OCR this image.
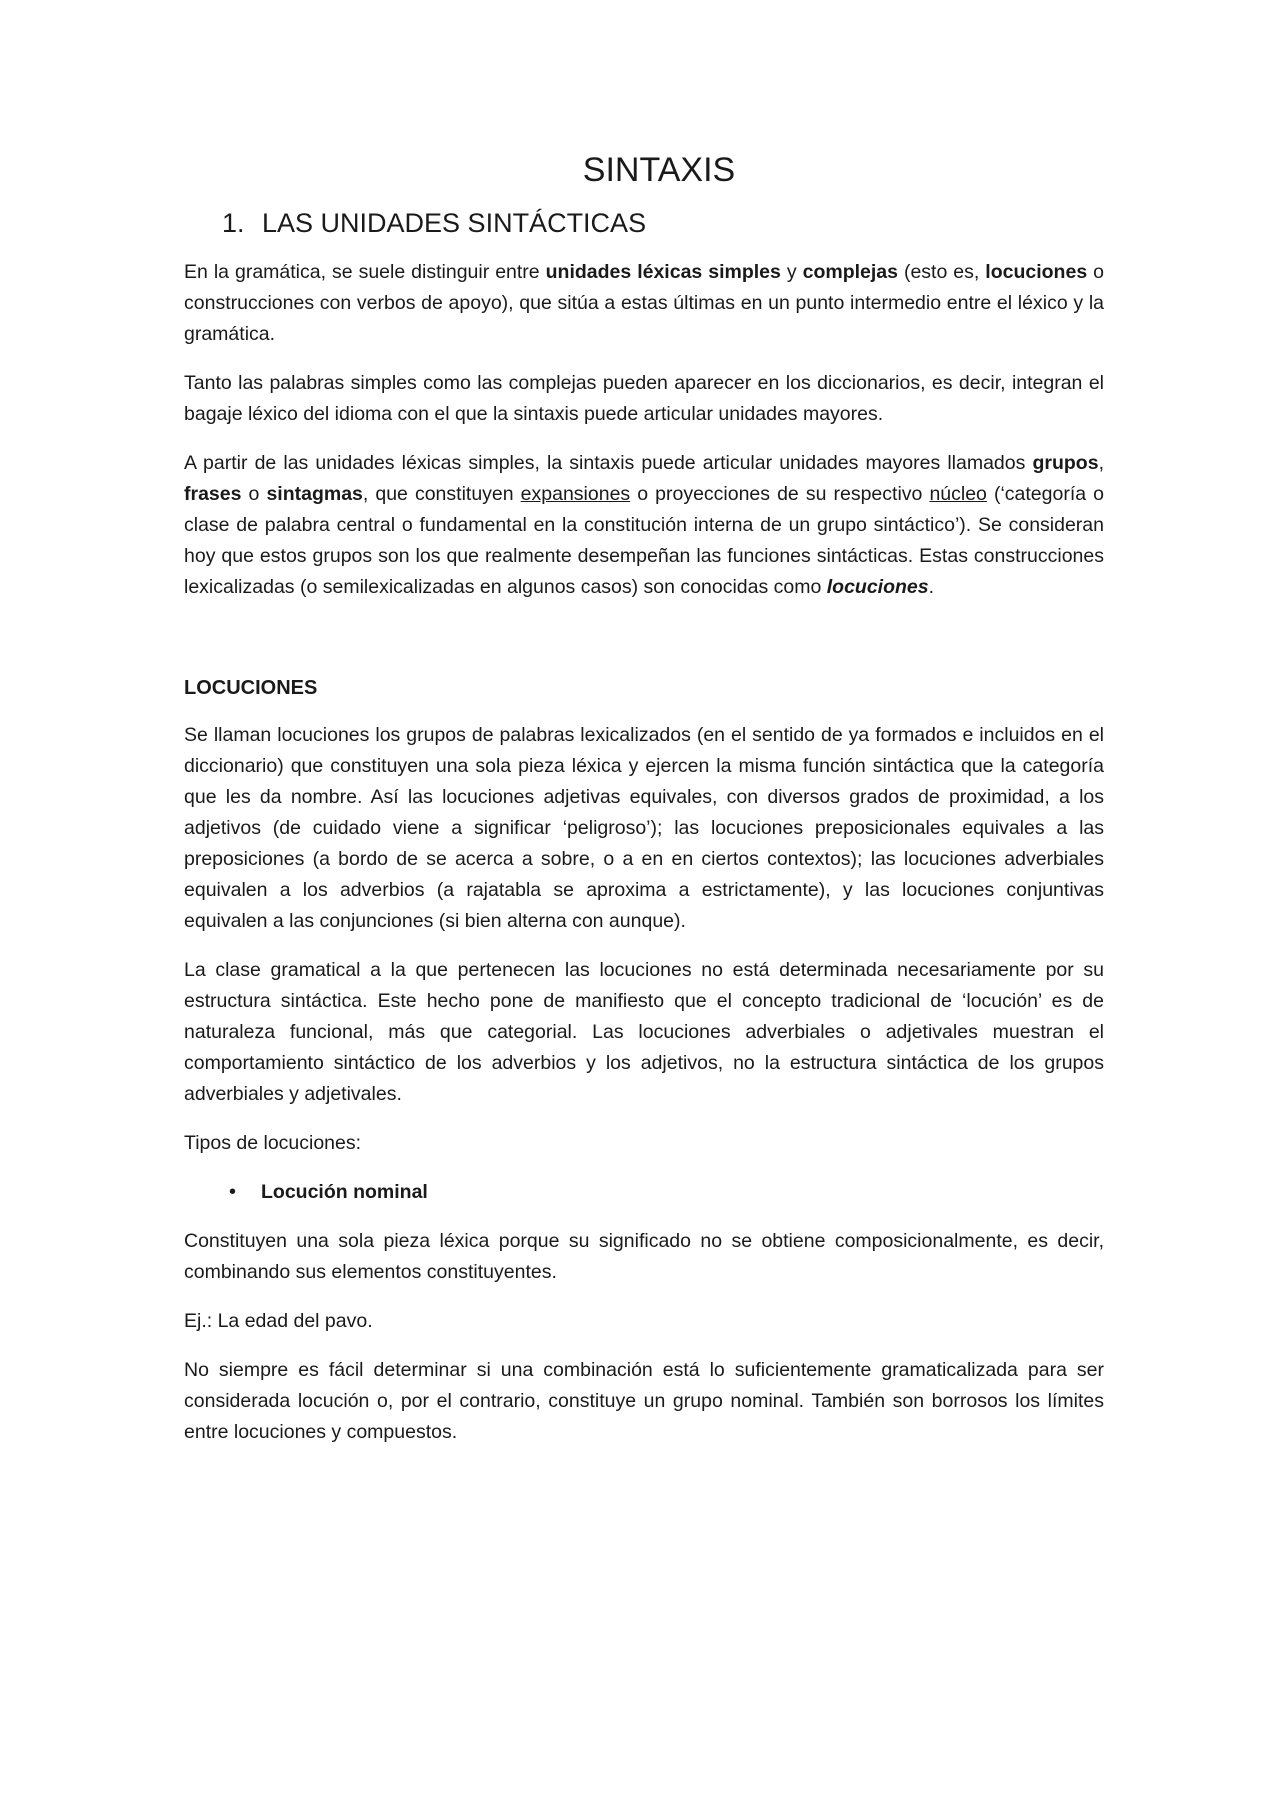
SINTAXIS
1. LAS UNIDADES SINTÁCTICAS

En la gramática, se suele distinguir entre unidades léxicas simples y complejas (esto es, locuciones o construcciones con verbos de apoyo), que sitúa a estas últimas en un punto intermedio entre el léxico y la gramática.

Tanto las palabras simples como las complejas pueden aparecer en los diccionarios, es decir, integran el bagaje léxico del idioma con el que la sintaxis puede articular unidades mayores.

A partir de las unidades léxicas simples, la sintaxis puede articular unidades mayores llamados grupos, frases o sintagmas, que constituyen expansiones o proyecciones de su respectivo núcleo (‘categoría o clase de palabra central o fundamental en la constitución interna de un grupo sintáctico’). Se consideran hoy que estos grupos son los que realmente desempeñan las funciones sintácticas. Estas construcciones lexicalizadas (o semilexicalizadas en algunos casos) son conocidas como locuciones.

LOCUCIONES

Se llaman locuciones los grupos de palabras lexicalizados (en el sentido de ya formados e incluidos en el diccionario) que constituyen una sola pieza léxica y ejercen la misma función sintáctica que la categoría que les da nombre. Así las locuciones adjetivas equivales, con diversos grados de proximidad, a los adjetivos (de cuidado viene a significar ‘peligroso’); las locuciones preposicionales equivales a las preposiciones (a bordo de se acerca a sobre, o a en en ciertos contextos); las locuciones adverbiales equivalen a los adverbios (a rajatabla se aproxima a estrictamente), y las locuciones conjuntivas equivalen a las conjunciones (si bien alterna con aunque).

La clase gramatical a la que pertenecen las locuciones no está determinada necesariamente por su estructura sintáctica. Este hecho pone de manifiesto que el concepto tradicional de ‘locución’ es de naturaleza funcional, más que categorial. Las locuciones adverbiales o adjetivales muestran el comportamiento sintáctico de los adverbios y los adjetivos, no la estructura sintáctica de los grupos adverbiales y adjetivales.

Tipos de locuciones:

•	Locución nominal

Constituyen una sola pieza léxica porque su significado no se obtiene composicionalmente, es decir, combinando sus elementos constituyentes.

Ej.: La edad del pavo.

No siempre es fácil determinar si una combinación está lo suficientemente gramaticalizada para ser considerada locución o, por el contrario, constituye un grupo nominal. También son borrosos los límites entre locuciones y compuestos.
